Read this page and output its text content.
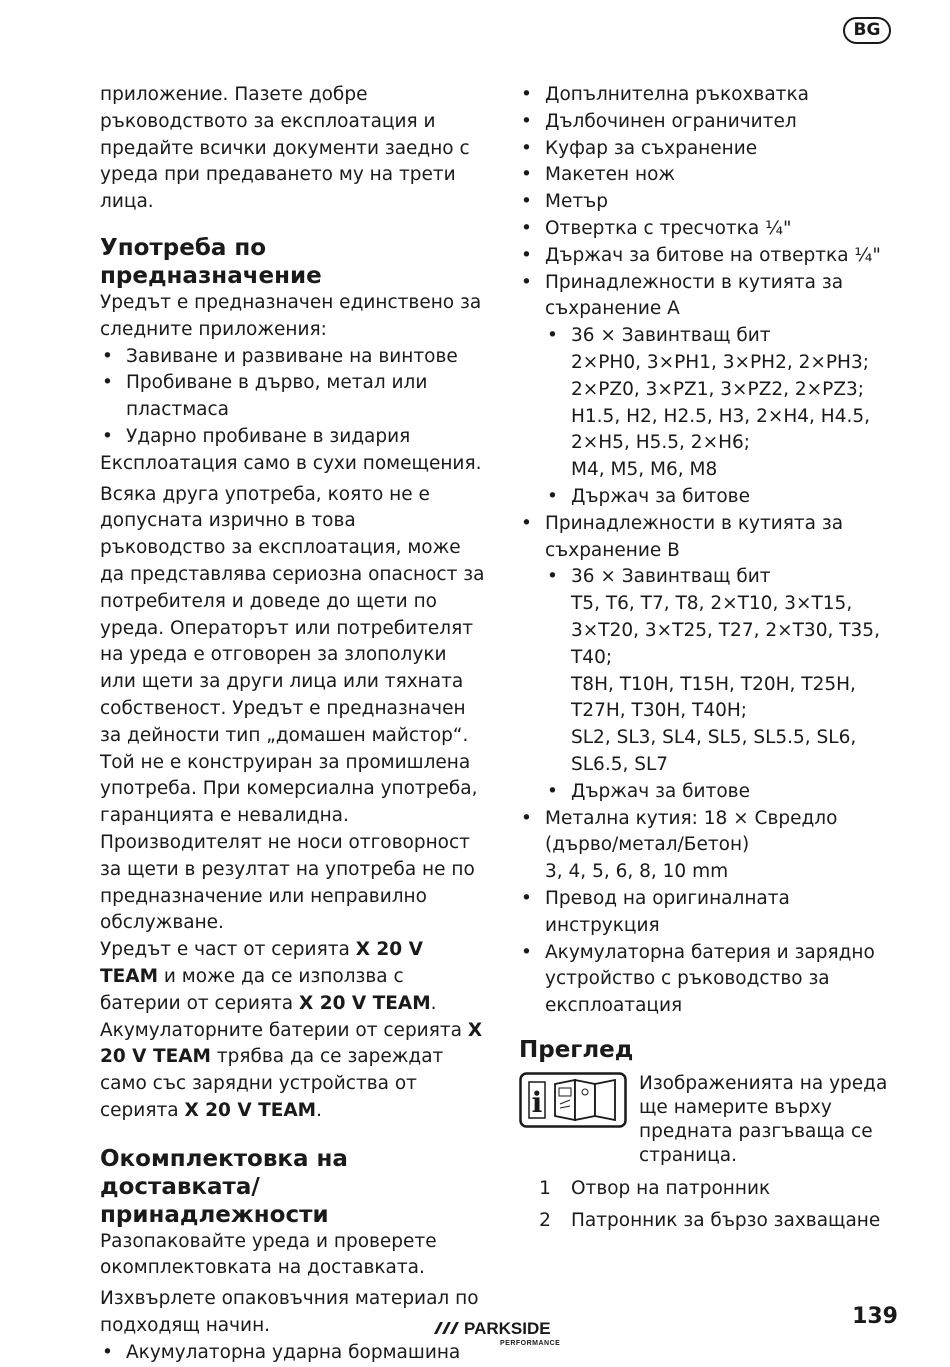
BG

приложение. Пазете добре ръководството за експлоатация и предайте всички документи заедно с уреда при предаването му на трети лица.

Употреба по предназначение

Уредът е предназначен единствено за следните приложения:

• Завиване и развиване на винтове
• Пробиване в дърво, метал или пластмаса
• Ударно пробиване в зидария

Експлоатация само в сухи помещения.

Всяка друга употреба, която не е допусната изрично в това ръководство за експлоатация, може да представлява сериозна опасност за потребителя и доведе до щети по уреда. Операторът или потребителят на уреда е отговорен за злополуки или щети за други лица или тяхната собственост. Уредът е предназначен за дейности тип „домашен майстор“. Той не е конструиран за промишлена употреба. При комерсиална употреба, гаранцията е невалидна. Производителят не носи отговорност за щети в резултат на употреба не по предназначение или неправилно обслужване.

Уредът е част от серията X 20 V TEAM и може да се използва с батерии от серията X 20 V TEAM. Акумулаторните батерии от серията X 20 V TEAM трябва да се зареждат само със зарядни устройства от серията X 20 V TEAM.

Окомплектовка на доставката/ принадлежности

Разопаковайте уреда и проверете окомплектовката на доставката.

Изхвърлете опаковъчния материал по подходящ начин.

• Акумулаторна ударна бормашина
• Допълнителна ръкохватка
• Дълбочинен ограничител
• Куфар за съхранение
• Макетен нож
• Метър
• Отвертка с тресчотка ¼"
• Държач за битове на отвертка ¼"
• Принадлежности в кутията за съхранение A
• 36 × Завинтващ бит
2×PH0, 3×PH1, 3×PH2, 2×PH3;
2×PZ0, 3×PZ1, 3×PZ2, 2×PZ3;
H1.5, H2, H2.5, H3, 2×H4, H4.5,
2×H5, H5.5, 2×H6;
M4, M5, M6, M8
• Държач за битове
• Принадлежности в кутията за съхранение B
• 36 × Завинтващ бит
T5, T6, T7, T8, 2×T10, 3×T15,
3×T20, 3×T25, T27, 2×T30, T35,
T40;
T8H, T10H, T15H, T20H, T25H,
T27H, T30H, T40H;
SL2, SL3, SL4, SL5, SL5.5, SL6,
SL6.5, SL7
• Държач за битове
• Метална кутия: 18 × Свредло (дърво/метал/Бетон)
3, 4, 5, 6, 8, 10 mm
• Превод на оригиналната инструкция
• Акумулаторна батерия и зарядно устройство с ръководство за експлоатация
Преглед
i
Изображенията на уреда ще намерите върху предната разгъваща се страница.
1	Отвор на патронник
2	Патронник за бързо захващане
PARKSIDE
PERFORMANCE
139
